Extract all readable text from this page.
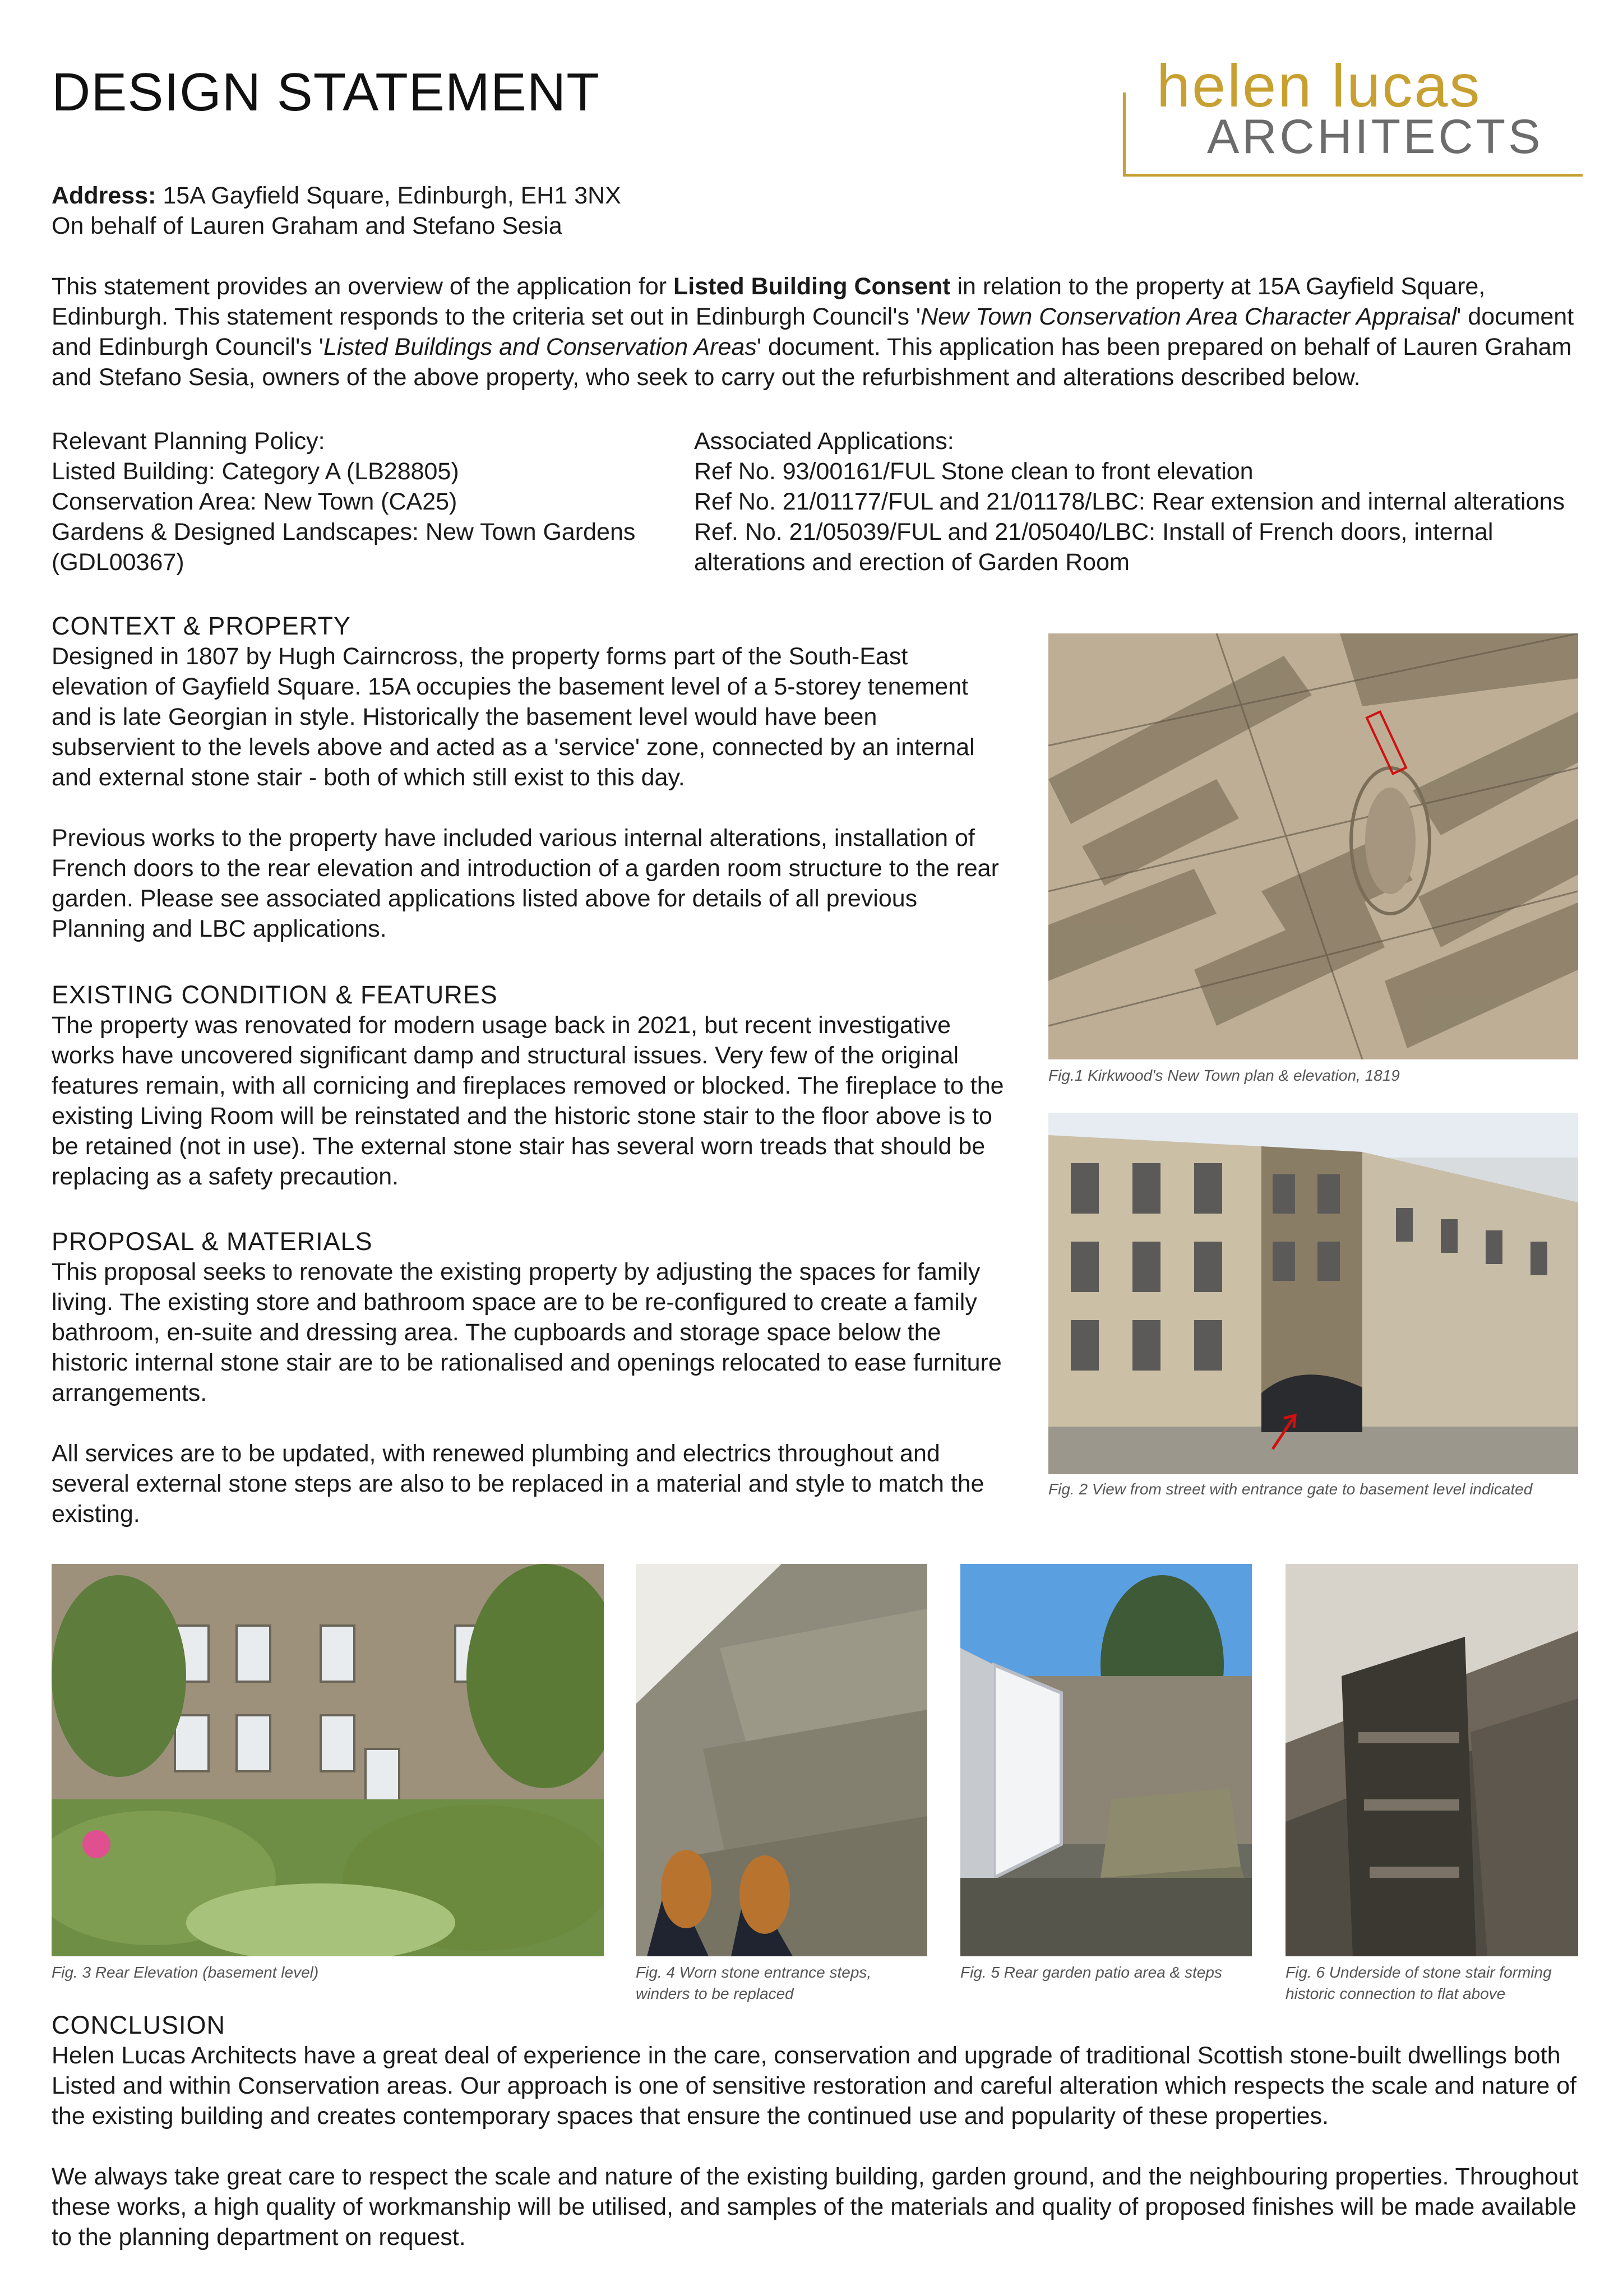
DESIGN STATEMENT	helen lucas
ARCHITECTS
Address: 15A Gayfield Square, Edinburgh, EH1 3NX
On behalf of Lauren Graham and Stefano Sesia
This statement provides an overview of the application for Listed Building Consent in relation to the property at 15A Gayfield Square, Edinburgh. This statement responds to the criteria set out in Edinburgh Council's 'New Town Conservation Area Character Appraisal' document and Edinburgh Council's 'Listed Buildings and Conservation Areas' document. This application has been prepared on behalf of Lauren Graham and Stefano Sesia, owners of the above property, who seek to carry out the refurbishment and alterations described below.
Relevant Planning Policy:
Listed Building: Category A (LB28805)
Conservation Area: New Town (CA25)
Gardens & Designed Landscapes: New Town Gardens (GDL00367)
Associated Applications:
Ref No. 93/00161/FUL Stone clean to front elevation
Ref No. 21/01177/FUL and 21/01178/LBC: Rear extension and internal alterations
Ref. No. 21/05039/FUL and 21/05040/LBC: Install of French doors, internal alterations and erection of Garden Room
CONTEXT & PROPERTY
Designed in 1807 by Hugh Cairncross, the property forms part of the South-East elevation of Gayfield Square. 15A occupies the basement level of a 5-storey tenement and is late Georgian in style. Historically the basement level would have been subservient to the levels above and acted as a 'service' zone, connected by an internal and external stone stair - both of which still exist to this day.
Previous works to the property have included various internal alterations, installation of French doors to the rear elevation and introduction of a garden room structure to the rear garden. Please see associated applications listed above for details of all previous Planning and LBC applications.
EXISTING CONDITION & FEATURES
The property was renovated for modern usage back in 2021, but recent investigative works have uncovered significant damp and structural issues. Very few of the original features remain, with all cornicing and fireplaces removed or blocked. The fireplace to the existing Living Room will be reinstated and the historic stone stair to the floor above is to be retained (not in use). The external stone stair has several worn treads that should be replacing as a safety precaution.
PROPOSAL & MATERIALS
This proposal seeks to renovate the existing property by adjusting the spaces for family living. The existing store and bathroom space are to be re-configured to create a family bathroom, en-suite and dressing area. The cupboards and storage space below the historic internal stone stair are to be rationalised and openings relocated to ease furniture arrangements.
All services are to be updated, with renewed plumbing and electrics throughout and several external stone steps are also to be replaced in a material and style to match the existing.
Fig.1 Kirkwood's New Town plan & elevation, 1819
Fig. 2 View from street with entrance gate to basement level indicated
Fig. 3 Rear Elevation (basement level)	Fig. 4 Worn stone entrance steps, winders to be replaced
Fig. 5 Rear garden patio area & steps	Fig. 6 Underside of stone stair forming historic connection to flat above
CONCLUSION
Helen Lucas Architects have a great deal of experience in the care, conservation and upgrade of traditional Scottish stone-built dwellings both Listed and within Conservation areas. Our approach is one of sensitive restoration and careful alteration which respects the scale and nature of the existing building and creates contemporary spaces that ensure the continued use and popularity of these properties.
We always take great care to respect the scale and nature of the existing building, garden ground, and the neighbouring properties. Throughout these works, a high quality of workmanship will be utilised, and samples of the materials and quality of proposed finishes will be made available to the planning department on request.
